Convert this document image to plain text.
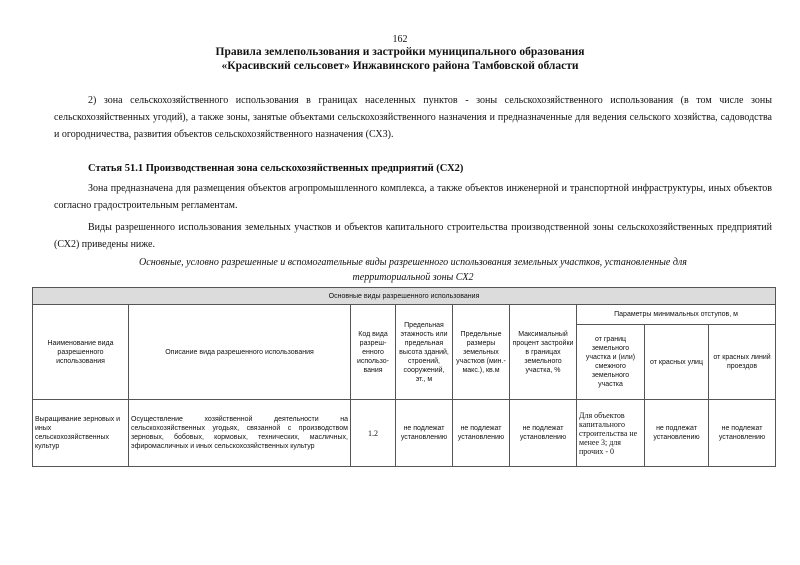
162
Правила землепользования и застройки муниципального образования
«Красивский сельсовет» Инжавинского района Тамбовской области
2) зона сельскохозяйственного использования в границах населенных пунктов - зоны сельскохозяйственного использования (в том числе зоны сельскохозяйственных угодий), а также зоны, занятые объектами сельскохозяйственного назначения и предназначенные для ведения сельского хозяйства, садоводства и огородничества, развития объектов сельскохозяйственного назначения (СХ3).
Статья 51.1 Производственная зона сельскохозяйственных предприятий (СХ2)
Зона предназначена для размещения объектов агропромышленного комплекса, а также объектов инженерной и транспортной инфраструктуры, иных объектов согласно градостроительным регламентам.
Виды разрешенного использования земельных участков и объектов капитального строительства производственной зоны сельскохозяйственных предприятий (СХ2) приведены ниже.
Основные, условно разрешенные и вспомогательные виды разрешенного использования земельных участков, установленные для
территориальной зоны СХ2
Основные виды разрешенного использования								
Наименование вида разрешенного использования	Описание вида разрешенного использования	Код вида разреш-енного использо-вания	Предельная этажность или предельная высота зданий, строений, сооружений, эт., м	Предельные размеры земельных участков (мин.-макс.), кв.м	Максимальный процент застройки в границах земельного участка, %	Параметры минимальных отступов, м		
						от границ земельного участка и (или) смежного земельного участка	от красных улиц	от красных линий проездов
Выращивание зерновых и иных сельскохозяйственных культур	Осуществление хозяйственной деятельности на сельскохозяйственных угодьях, связанной с производством зерновых, бобовых, кормовых, технических, масличных, эфиромасличных и иных сельскохозяйственных культур	1.2	не подлежат установлению	не подлежат установлению	не подлежат установлению	Для объектов капитального строительства не менее 3; для прочих - 0	не подлежат установлению	не подлежат установлению
